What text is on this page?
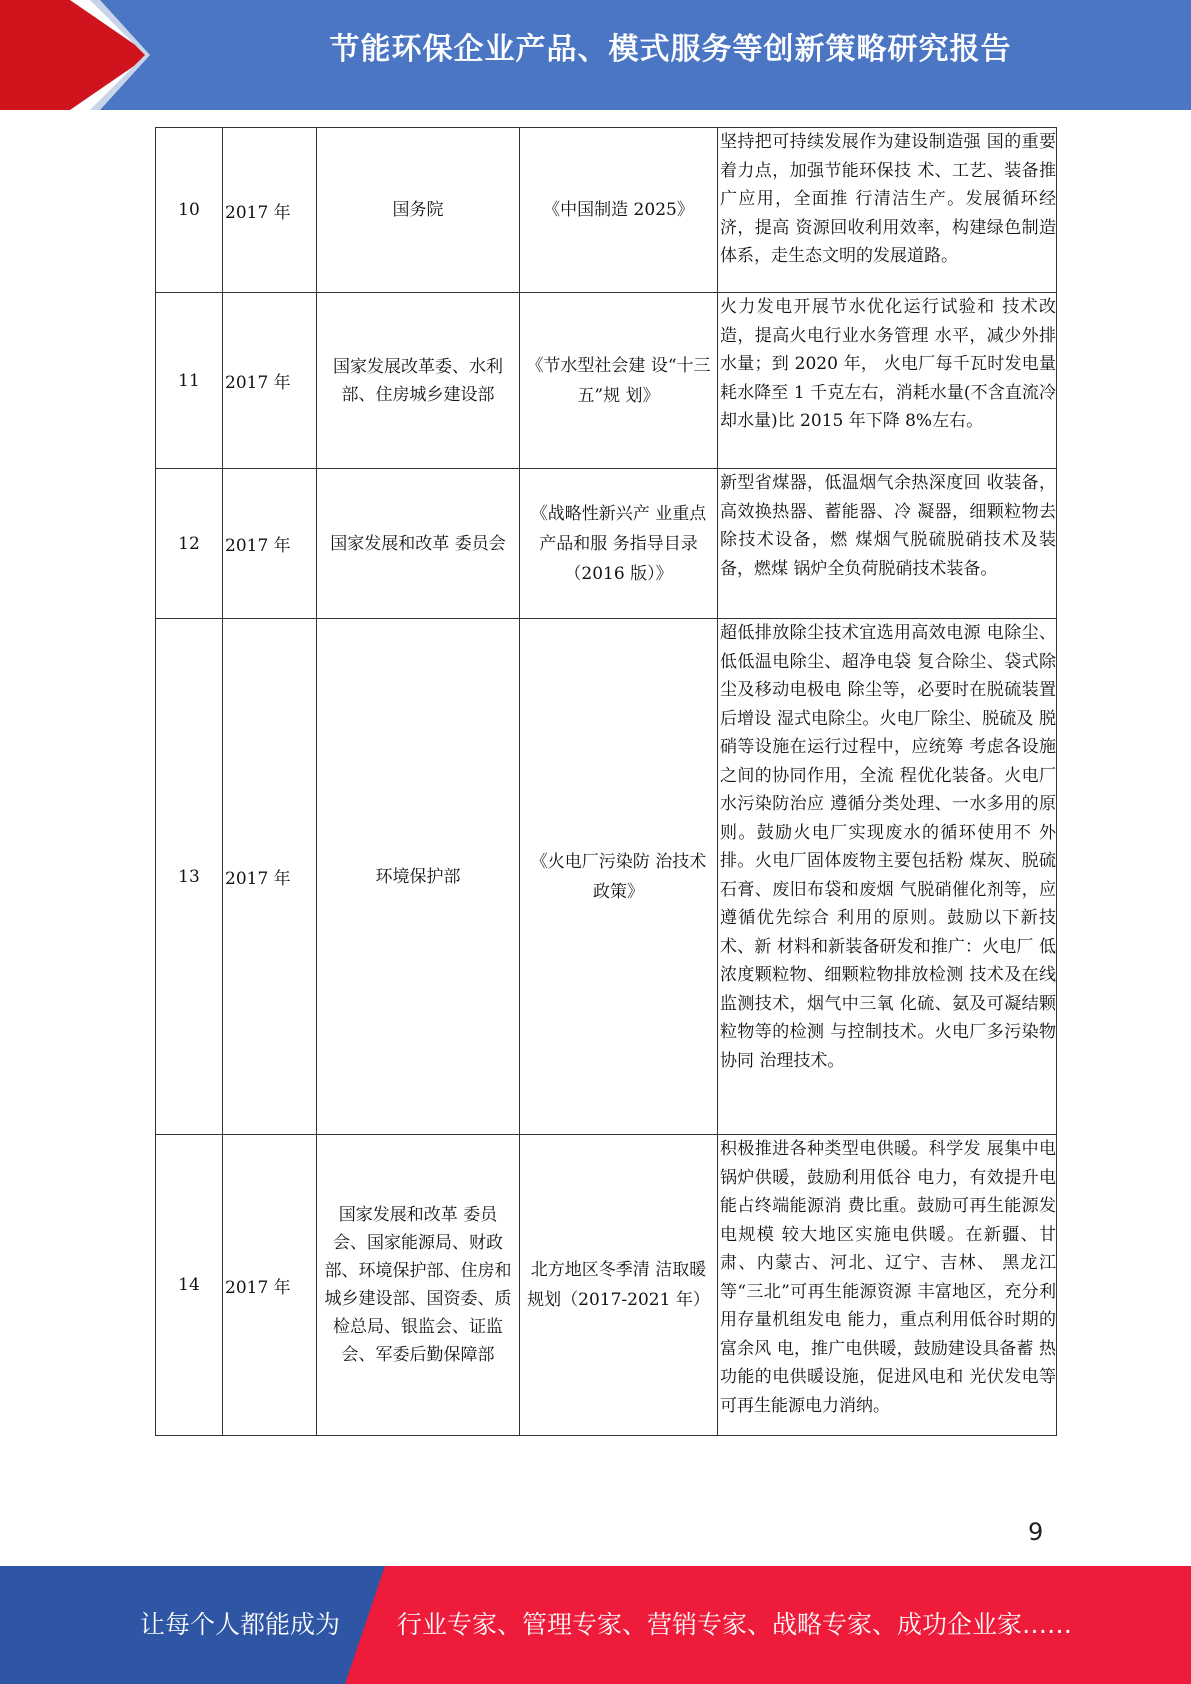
节能环保企业产品、模式服务等创新策略研究报告
10	2017 年	国务院	《中国制造 2025》	坚持把可持续发展作为建设制造强 国的重要着力点，加强节能环保技 术、工艺、装备推广应用，全面推 行清洁生产。发展循环经济，提高 资源回收利用效率，构建绿色制造 体系，走生态文明的发展道路。
11	2017 年	国家发展改革委、水利部、住房城乡建设部	《节水型社会建 设“十三五”规 划》	火力发电开展节水优化运行试验和 技术改造，提高火电行业水务管理 水平，减少外排水量；到 2020 年， 火电厂每千瓦时发电量耗水降至 1 千克左右，消耗水量(不含直流冷 却水量)比 2015 年下降 8%左右。
12	2017 年	国家发展和改革 委员会	《战略性新兴产 业重点产品和服 务指导目录（2016 版）》	新型省煤器，低温烟气余热深度回 收装备，高效换热器、蓄能器、冷 凝器，细颗粒物去除技术设备，燃 煤烟气脱硫脱硝技术及装备，燃煤 锅炉全负荷脱硝技术装备。
13	2017 年	环境保护部	《火电厂污染防 治技术政策》	超低排放除尘技术宜选用高效电源 电除尘、低低温电除尘、超净电袋 复合除尘、袋式除尘及移动电极电 除尘等，必要时在脱硫装置后增设 湿式电除尘。火电厂除尘、脱硫及 脱硝等设施在运行过程中，应统筹 考虑各设施之间的协同作用，全流 程优化装备。火电厂水污染防治应 遵循分类处理、一水多用的原则。鼓励火电厂实现废水的循环使用不 外排。火电厂固体废物主要包括粉 煤灰、脱硫石膏、废旧布袋和废烟 气脱硝催化剂等，应遵循优先综合 利用的原则。鼓励以下新技术、新 材料和新装备研发和推广：火电厂 低浓度颗粒物、细颗粒物排放检测 技术及在线监测技术，烟气中三氧 化硫、氨及可凝结颗粒物等的检测 与控制技术。火电厂多污染物协同 治理技术。
14	2017 年	国家发展和改革 委员会、国家能源局、财政部、环境保护部、住房和城乡建设部、国资委、质检总局、银监会、证监会、军委后勤保障部	北方地区冬季清 洁取暖规划（2017-2021 年）	积极推进各种类型电供暖。科学发 展集中电锅炉供暖，鼓励利用低谷 电力，有效提升电能占终端能源消 费比重。鼓励可再生能源发电规模 较大地区实施电供暖。在新疆、甘 肃、内蒙古、河北、辽宁、吉林、 黑龙江等“三北”可再生能源资源 丰富地区，充分利用存量机组发电 能力，重点利用低谷时期的富余风 电，推广电供暖，鼓励建设具备蓄 热功能的电供暖设施，促进风电和 光伏发电等可再生能源电力消纳。
9
让每个人都能成为 行业专家、管理专家、营销专家、战略专家、成功企业家……
